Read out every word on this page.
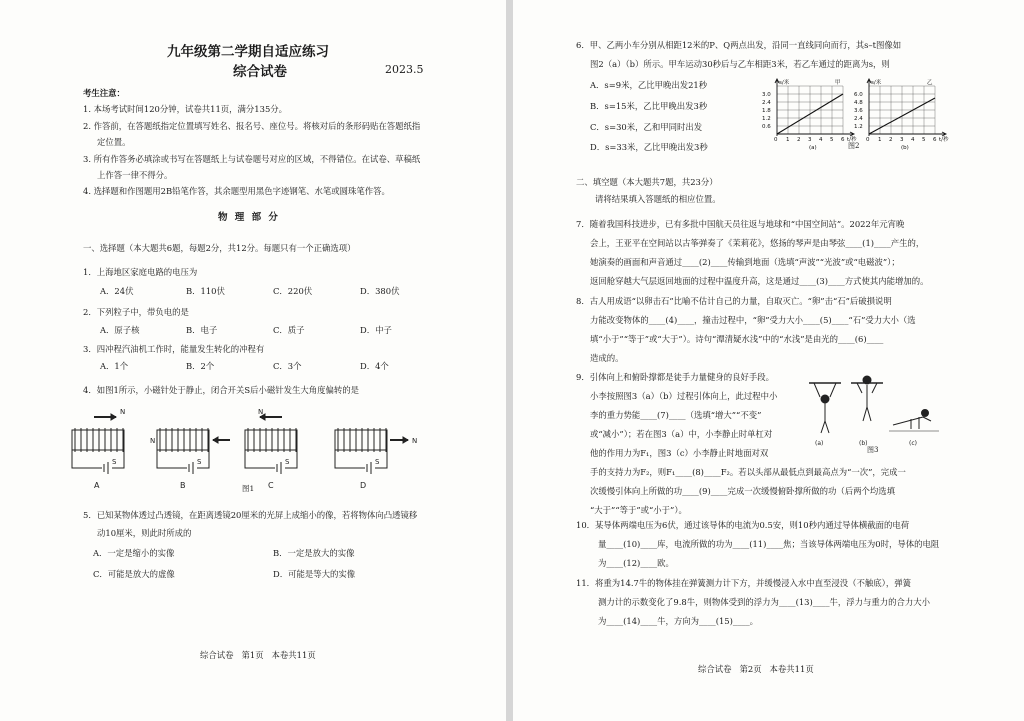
九年级第二学期自适应练习
综合试卷	2023.5
考生注意：
1. 本场考试时间120分钟，试卷共11页，满分135分。
2. 作答前，在答题纸指定位置填写姓名、报名号、座位号。将核对后的条形码贴在答题纸指
定位置。
3. 所有作答务必填涂或书写在答题纸上与试卷题号对应的区域，不得错位。在试卷、草稿纸
上作答一律不得分。
4. 选择题和作图题用2B铅笔作答，其余题型用黑色字迹钢笔、水笔或圆珠笔作答。
物 理 部 分
一、选择题（本大题共6题，每题2分，共12分。每题只有一个正确选项）
1．上海地区家庭电路的电压为
A．24伏	B．110伏	C．220伏	D．380伏
2．下列粒子中，带负电的是
A．原子核	B．电子	C．质子	D．中子
3．四冲程汽油机工作时，能量发生转化的冲程有
A．1个	B．2个	C．3个	D．4个
4．如图1所示，小磁针处于静止，闭合开关S后小磁针发生大角度偏转的是
N
N
N
N
S	S	S	S
A	B	C	D
图1
5．已知某物体透过凸透镜，在距离透镜20厘米的光屏上成缩小的像，若将物体向凸透镜移
动10厘米，则此时所成的
A．一定是缩小的实像	B．一定是放大的实像
C．可能是放大的虚像	D．可能是等大的实像
综合试卷   第1页   本卷共11页
6．甲、乙两小车分别从相距12米的P、Q两点出发，沿同一直线同向而行，其s–t图像如
图2（a）（b）所示。甲车运动30秒后与乙车相距3米，若乙车通过的距离为s，则
A．s=9米，乙比甲晚出发21秒
B．s=15米，乙比甲晚出发3秒
C．s=30米，乙和甲同时出发
D．s=33米，乙比甲晚出发3秒
s/米	甲
3.0
2.4
1.8
1.2
0.6
0 1 2 3 4 5 6 t/秒
(a)
s/米	乙
6.0
4.8
3.6
2.4
1.2
0 1 2 3 4 5 6 t/秒
(b)
图2
二、填空题（本大题共7题，共23分）
请将结果填入答题纸的相应位置。
7．随着我国科技进步，已有多批中国航天员往返与地球和“中国空间站”。2022年元宵晚
会上，王亚平在空间站以古筝弹奏了《茉莉花》，悠扬的琴声是由琴弦____(1)____产生的，
她演奏的画面和声音通过____(2)____传输到地面（选填“声波”“光波”或“电磁波”）；
返回舱穿越大气层返回地面的过程中温度升高，这是通过____(3)____方式使其内能增加的。
8．古人用成语“以卵击石”比喻不估计自己的力量，自取灭亡。“卵”击“石”后破損说明
力能改变物体的____(4)____，撞击过程中，“卵”受力大小____(5)____“石”受力大小（选
填“小于”“等于”或“大于”）。诗句“潭清疑水浅”中的“水浅”是由光的____(6)____
造成的。
9．引体向上和俯卧撑都是徒手力量健身的良好手段。
小李按照图3（a）（b）过程引体向上，此过程中小
李的重力势能____(7)____（选填“增大”“不变”
或“减小”）；若在图3（a）中，小李静止时单杠对
他的作用力为F₁，图3（c）小李静止时地面对双
手的支持力为F₂，则F₁____(8)____F₂。若以头部从最低点到最高点为“一次”，完成一
次缓慢引体向上所做的功____(9)____完成一次缓慢俯卧撑所做的功（后两个均选填
“大于”“等于”或“小于”）。
(a)	(b)	(c)
图3
10．某导体两端电压为6伏，通过该导体的电流为0.5安，则10秒内通过导体横截面的电荷
量____(10)____库，电流所做的功为____(11)____焦；当该导体两端电压为0时，导体的电阻
为____(12)____欧。
11．将重为14.7牛的物体挂在弹簧测力计下方，并缓慢浸入水中直至浸没（不触底），弹簧
测力计的示数变化了9.8牛，则物体受到的浮力为____(13)____牛，浮力与重力的合力大小
为____(14)____牛，方向为____(15)____。
综合试卷   第2页   本卷共11页
